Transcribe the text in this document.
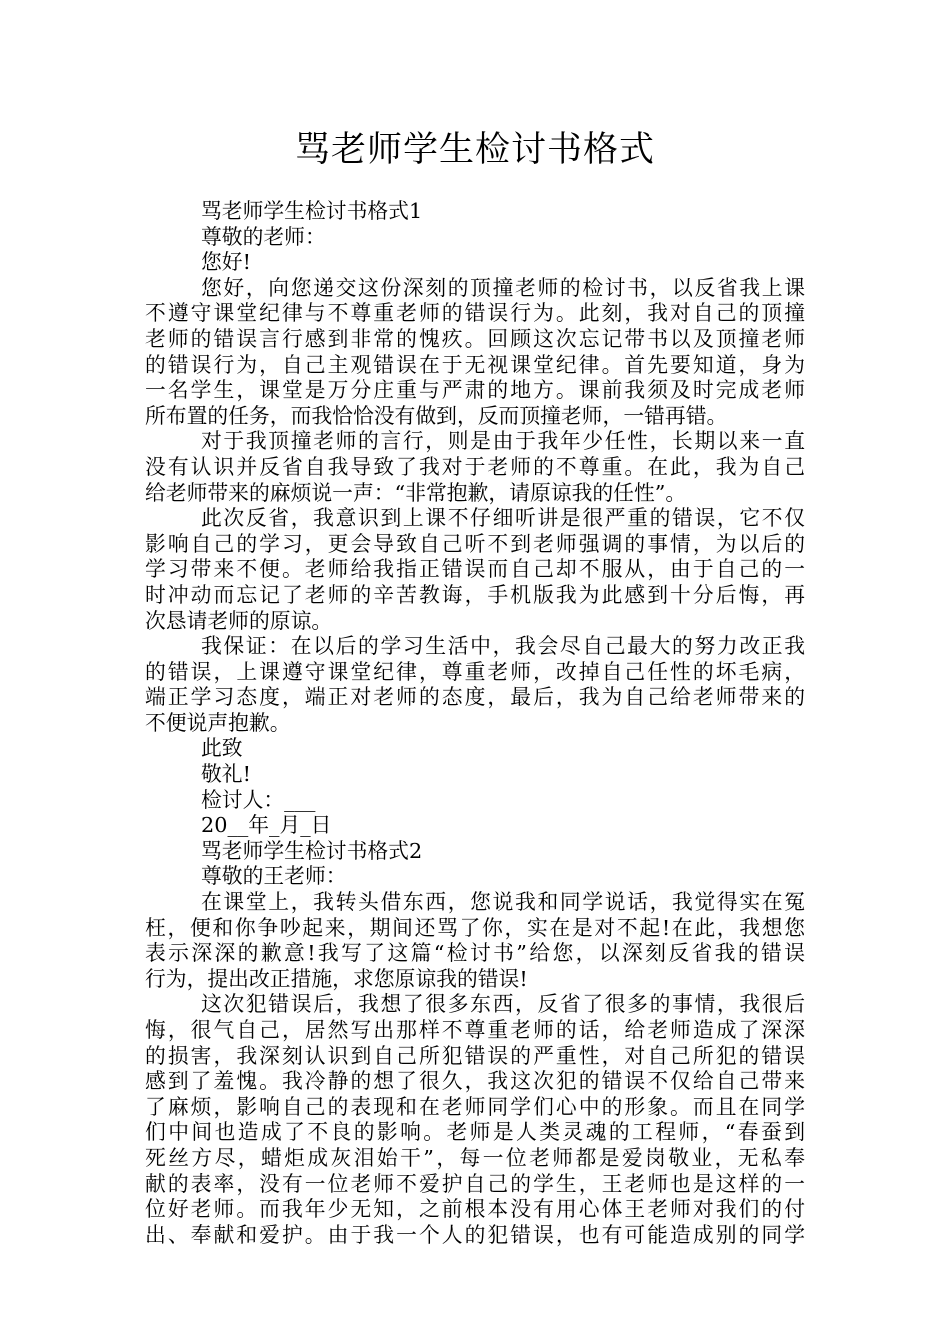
骂老师学生检讨书格式
骂老师学生检讨书格式1
尊敬的老师：
您好!
您好，向您递交这份深刻的顶撞老师的检讨书，以反省我上课
不遵守课堂纪律与不尊重老师的错误行为。此刻，我对自己的顶撞
老师的错误言行感到非常的愧疚。回顾这次忘记带书以及顶撞老师
的错误行为，自己主观错误在于无视课堂纪律。首先要知道，身为
一名学生，课堂是万分庄重与严肃的地方。课前我须及时完成老师
所布置的任务，而我恰恰没有做到，反而顶撞老师，一错再错。
对于我顶撞老师的言行，则是由于我年少任性，长期以来一直
没有认识并反省自我导致了我对于老师的不尊重。在此，我为自己
给老师带来的麻烦说一声：“非常抱歉，请原谅我的任性”。
此次反省，我意识到上课不仔细听讲是很严重的错误，它不仅
影响自己的学习，更会导致自己听不到老师强调的事情，为以后的
学习带来不便。老师给我指正错误而自己却不服从，由于自己的一
时冲动而忘记了老师的辛苦教诲，手机版我为此感到十分后悔，再
次恳请老师的原谅。
我保证：在以后的学习生活中，我会尽自己最大的努力改正我
的错误，上课遵守课堂纪律，尊重老师，改掉自己任性的坏毛病，
端正学习态度，端正对老师的态度，最后，我为自己给老师带来的
不便说声抱歉。
此致
敬礼!
检讨人：___
20__年_月_日
骂老师学生检讨书格式2
尊敬的王老师：
在课堂上，我转头借东西，您说我和同学说话，我觉得实在冤
枉，便和你争吵起来，期间还骂了你，实在是对不起!在此，我想您
表示深深的歉意!我写了这篇“检讨书”给您，以深刻反省我的错误
行为，提出改正措施，求您原谅我的错误!
这次犯错误后，我想了很多东西，反省了很多的事情，我很后
悔，很气自己，居然写出那样不尊重老师的话，给老师造成了深深
的损害，我深刻认识到自己所犯错误的严重性，对自己所犯的错误
感到了羞愧。我冷静的想了很久，我这次犯的错误不仅给自己带来
了麻烦，影响自己的表现和在老师同学们心中的形象。而且在同学
们中间也造成了不良的影响。老师是人类灵魂的工程师，“春蚕到
死丝方尽，蜡炬成灰泪始干”，每一位老师都是爱岗敬业，无私奉
献的表率，没有一位老师不爱护自己的学生，王老师也是这样的一
位好老师。而我年少无知，之前根本没有用心体王老师对我们的付
出、奉献和爱护。由于我一个人的犯错误，也有可能造成别的同学
